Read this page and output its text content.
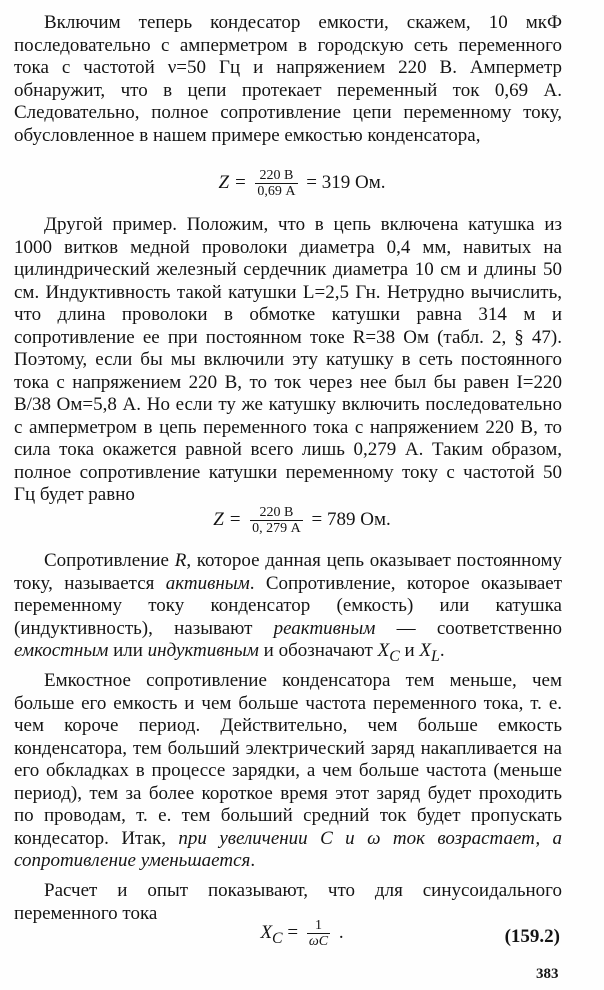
Включим теперь кондесатор емкости, скажем, 10 мкФ последовательно с амперметром в городскую сеть переменного тока с частотой ν=50 Гц и напряжением 220 В. Амперметр обнаружит, что в цепи протекает переменный ток 0,69 А. Следовательно, полное сопротивление цепи переменному току, обусловленное в нашем примере емкостью конденсатора,

$Z = \frac{220 В}{0,69 А} = 319$ Ом.

Другой пример. Положим, что в цепь включена катушка из 1000 витков медной проволоки диаметра 0,4 мм, навитых на цилиндрический железный сердечник диаметра 10 см и длины 50 см. Индуктивность такой катушки L=2,5 Гн. Нетрудно вычислить, что длина проволоки в обмотке катушки равна 314 м и сопротивление ее при постоянном токе R=38 Ом (табл. 2, § 47). Поэтому, если бы мы включили эту катушку в сеть постоянного тока с напряжением 220 В, то ток через нее был бы равен I=220 В/38 Ом=5,8 А. Но если ту же катушку включить последовательно с амперметром в цепь переменного тока с напряжением 220 В, то сила тока окажется равной всего лишь 0,279 А. Таким образом, полное сопротивление катушки переменному току с частотой 50 Гц будет равно

$Z = \frac{220 В}{0, 279 А} = 789$ Ом.

Сопротивление R, которое данная цепь оказывает постоянному току, называется активным. Сопротивление, которое оказывает переменному току конденсатор (емкость) или катушка (индуктивность), называют реактивным — соответственно емкостным или индуктивным и обозначают $X_C$ и $X_L$.

Емкостное сопротивление конденсатора тем меньше, чем больше его емкость и чем больше частота переменного тока, т. е. чем короче период. Действительно, чем больше емкость конденсатора, тем больший электрический заряд накапливается на его обкладках в процессе зарядки, а чем больше частота (меньше период), тем за более короткое время этот заряд будет проходить по проводам, т. е. тем больший средний ток будет пропускать кондесатор. Итак, при увеличении С и ω ток возрастает, а сопротивление уменьшается.

Расчет и опыт показывают, что для синусоидального переменного тока

$X_C = \frac{1}{\omega C}$ .	(159.2)
383
